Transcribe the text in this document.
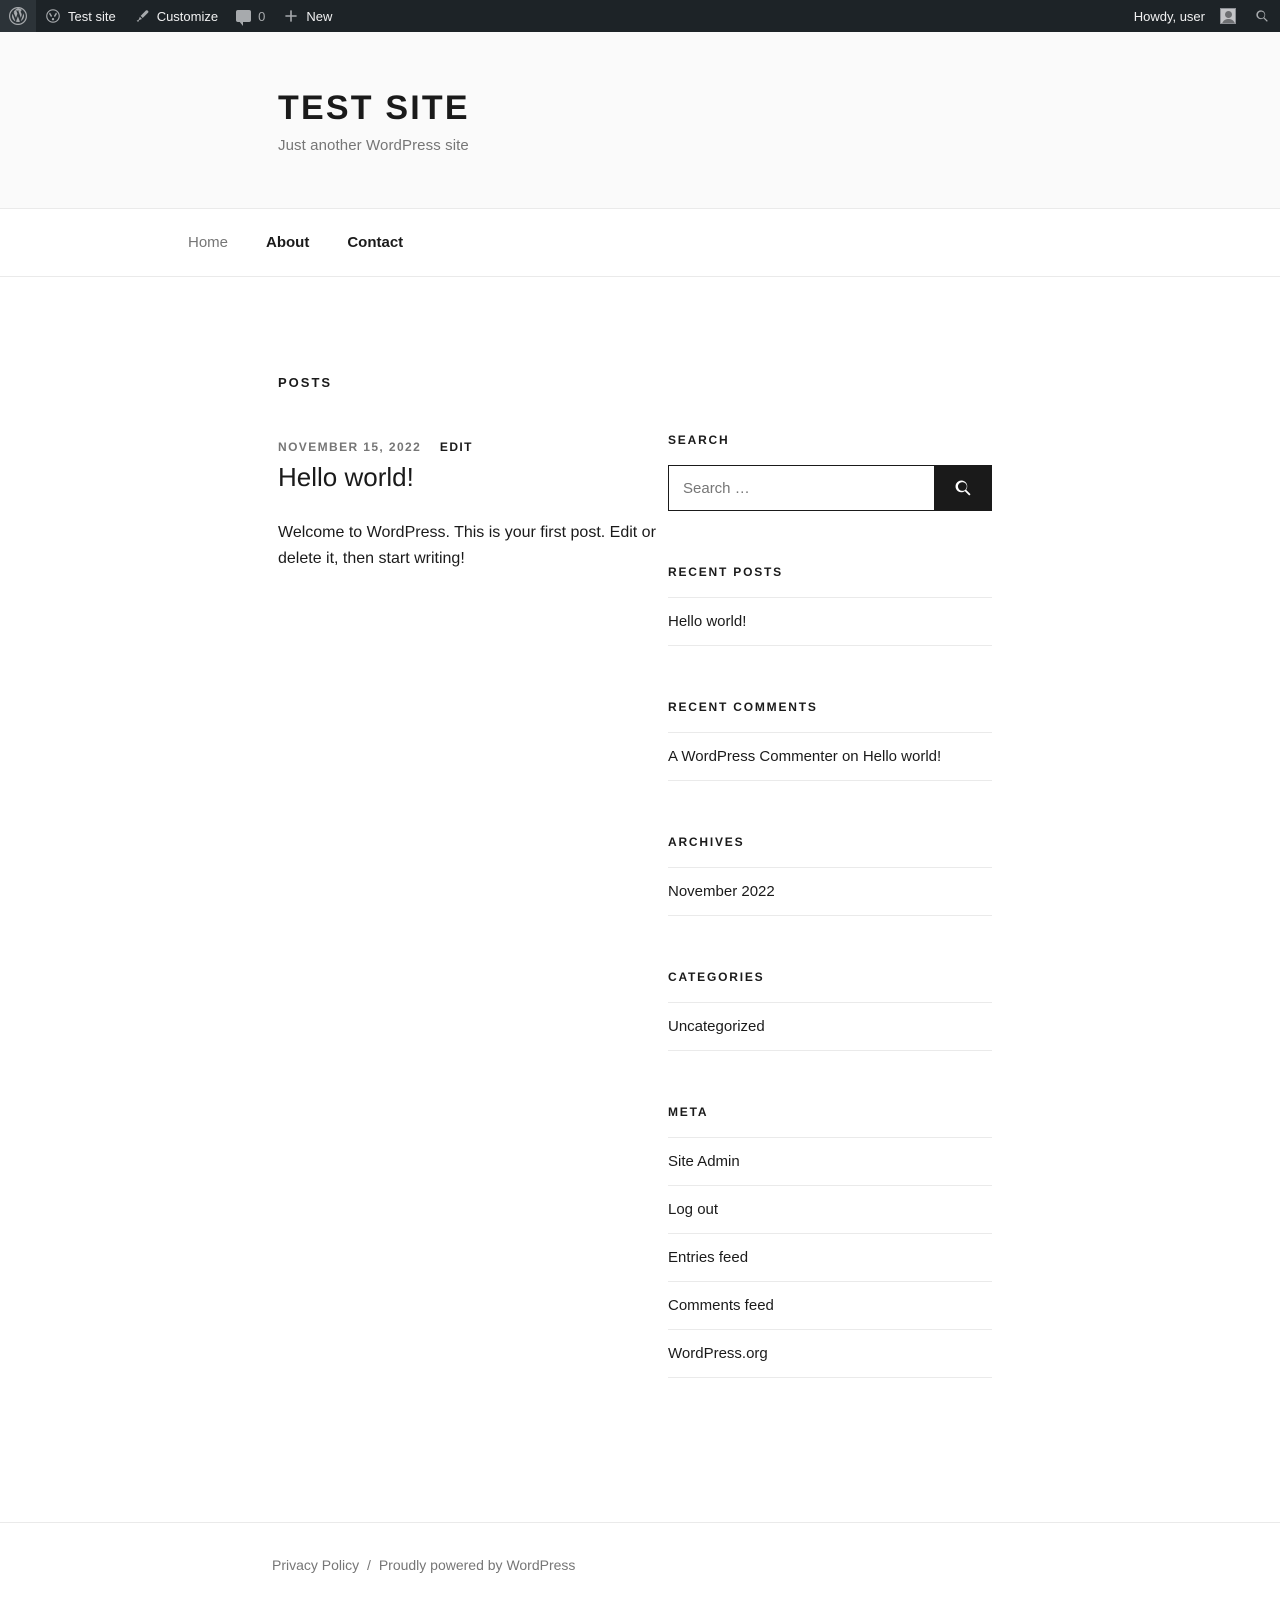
Test site	Customize	0	New	Howdy, user
TEST SITE

Just another WordPress site

Home	About	Contact
POSTS
NOVEMBER 15, 2022 EDIT
Hello world!

Welcome to WordPress. This is your first post. Edit or delete it, then start writing!

SEARCH
Search …
RECENT POSTS
Hello world!
RECENT COMMENTS
A WordPress Commenter on Hello world!
ARCHIVES
November 2022
CATEGORIES
Uncategorized
META
Site Admin
Log out
Entries feed
Comments feed
WordPress.org
Privacy Policy / Proudly powered by WordPress
